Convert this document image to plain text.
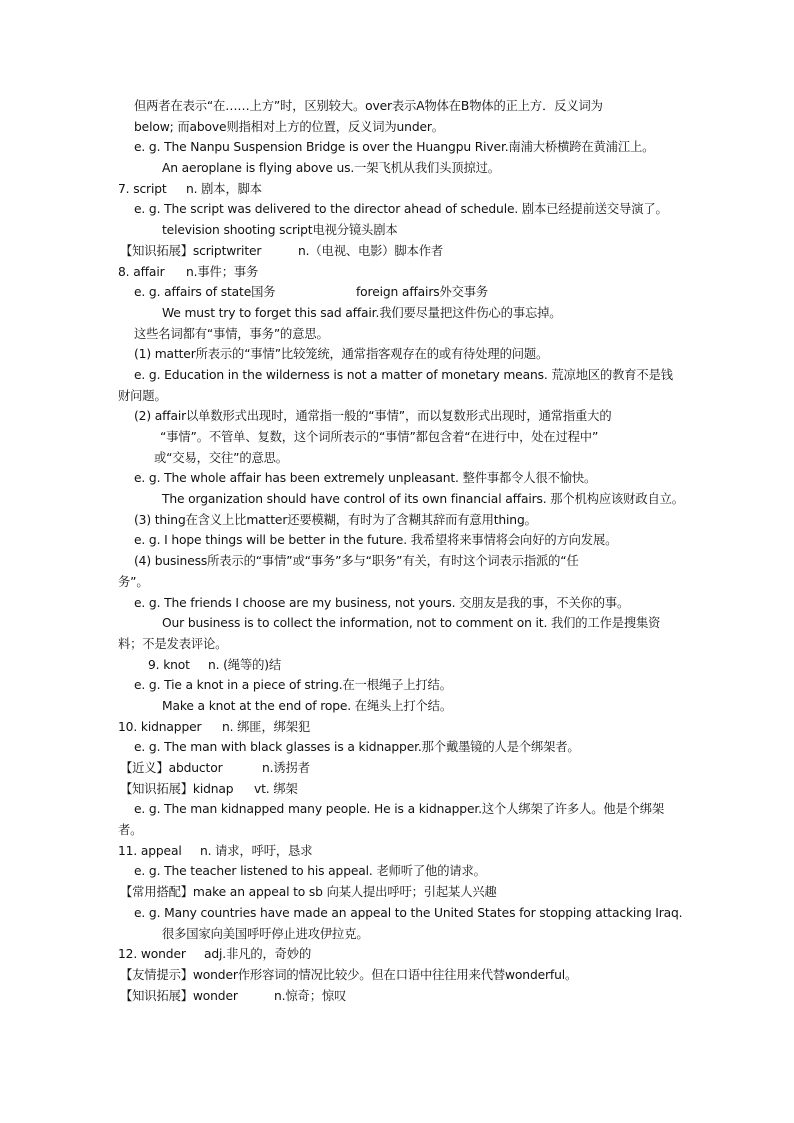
但两者在表示“在……上方”时，区别较大。over表示A物体在B物体的正上方．反义词为
below; 而above则指相对上方的位置，反义词为under。
e. g. The Nanpu Suspension Bridge is over the Huangpu River.南浦大桥横跨在黄浦江上。
An aeroplane is flying above us.一架飞机从我们头顶掠过。
7. script n. 剧本，脚本
e. g. The script was delivered to the director ahead of schedule. 剧本已经提前送交导演了。
television shooting script电视分镜头剧本
【知识拓展】scriptwriter	n.（电视、电影）脚本作者
8. affair n.事件；事务
e. g. affairs of state国务	foreign affairs外交事务
We must try to forget this sad affair.我们要尽量把这件伤心的事忘掉。
这些名词都有“事情，事务”的意思。
(1) matter所表示的“事情”比较笼统，通常指客观存在的或有待处理的问题。
e. g. Education in the wilderness is not a matter of monetary means. 荒凉地区的教育不是钱
财问题。
(2) affair以单数形式出现时，通常指一般的“事情”，而以复数形式出现时，通常指重大的
“事情”。不管单、复数，这个词所表示的“事情”都包含着“在进行中，处在过程中”
或“交易，交往”的意思。
e. g. The whole affair has been extremely unpleasant. 整件事都令人很不愉快。
The organization should have control of its own financial affairs. 那个机构应该财政自立。
(3) thing在含义上比matter还要模糊，有时为了含糊其辞而有意用thing。
e. g. I hope things will be better in the future. 我希望将来事情将会向好的方向发展。
(4) business所表示的“事情”或“事务”多与“职务”有关，有时这个词表示指派的“任
务”。
e. g. The friends I choose are my business, not yours. 交朋友是我的事，不关你的事。
Our business is to collect the information, not to comment on it. 我们的工作是搜集资
料；不是发表评论。
9. knot n. (绳等的)结
e. g. Tie a knot in a piece of string.在一根绳子上打结。
Make a knot at the end of rope. 在绳头上打个结。
10. kidnapper n. 绑匪，绑架犯
e. g. The man with black glasses is a kidnapper.那个戴墨镜的人是个绑架者。
【近义】abductor	n.诱拐者
【知识拓展】kidnap vt. 绑架
e. g. The man kidnapped many people. He is a kidnapper.这个人绑架了许多人。他是个绑架
者。
11. appeal n. 请求，呼吁，恳求
e. g. The teacher listened to his appeal. 老师听了他的请求。
【常用搭配】make an appeal to sb 向某人提出呼吁；引起某人兴趣
e. g. Many countries have made an appeal to the United States for stopping attacking Iraq.
很多国家向美国呼吁停止进攻伊拉克。
12. wonder adj.非凡的，奇妙的
【友情提示】wonder作形容词的情况比较少。但在口语中往往用来代替wonderful。
【知识拓展】wonder	n.惊奇；惊叹
